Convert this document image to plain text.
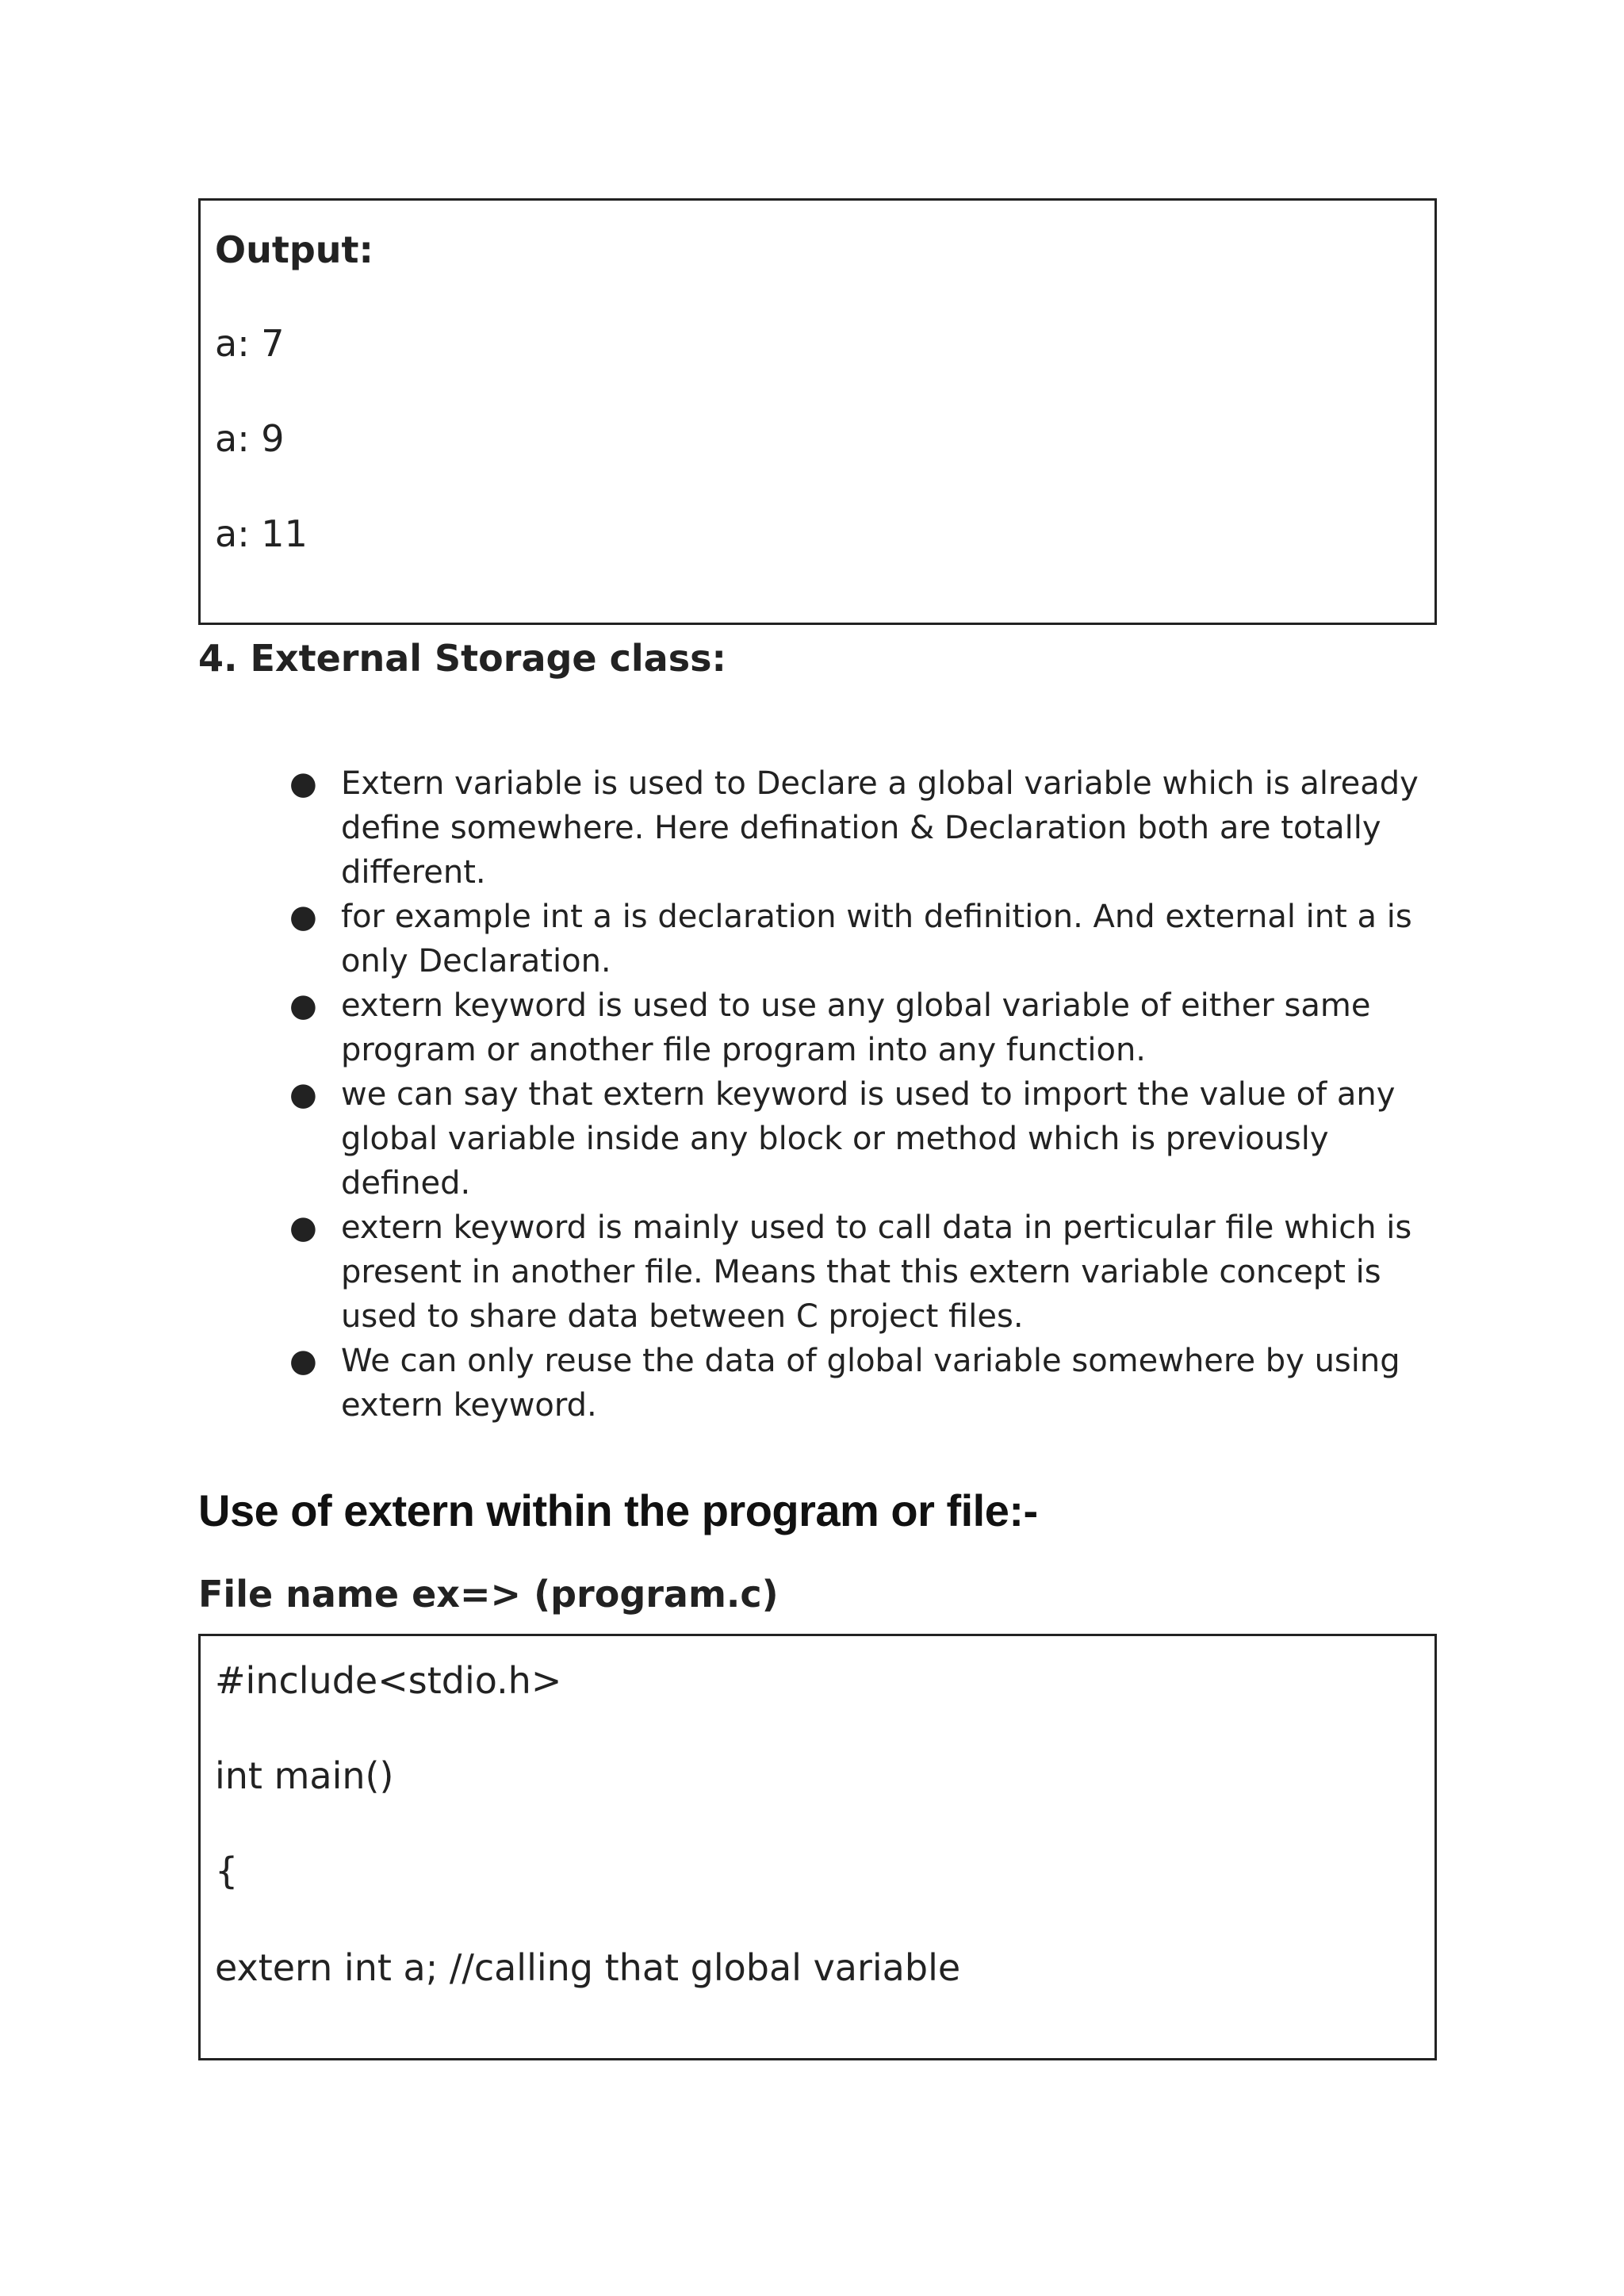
Output:

a: 7

a: 9

a: 11

4. External Storage class:
● Extern variable is used to Declare a global variable which is already
define somewhere. Here defination & Declaration both are totally
different.
● for example int a is declaration with definition. And external int a is
only Declaration.
● extern keyword is used to use any global variable of either same
program or another file program into any function.
● we can say that extern keyword is used to import the value of any
global variable inside any block or method which is previously
defined.
● extern keyword is mainly used to call data in perticular file which is
present in another file. Means that this extern variable concept is
used to share data between C project files.
● We can only reuse the data of global variable somewhere by using
extern keyword.
Use of extern within the program or file:-
File name ex=> (program.c)

#include<stdio.h>

int main()

{

extern int a; //calling that global variable
